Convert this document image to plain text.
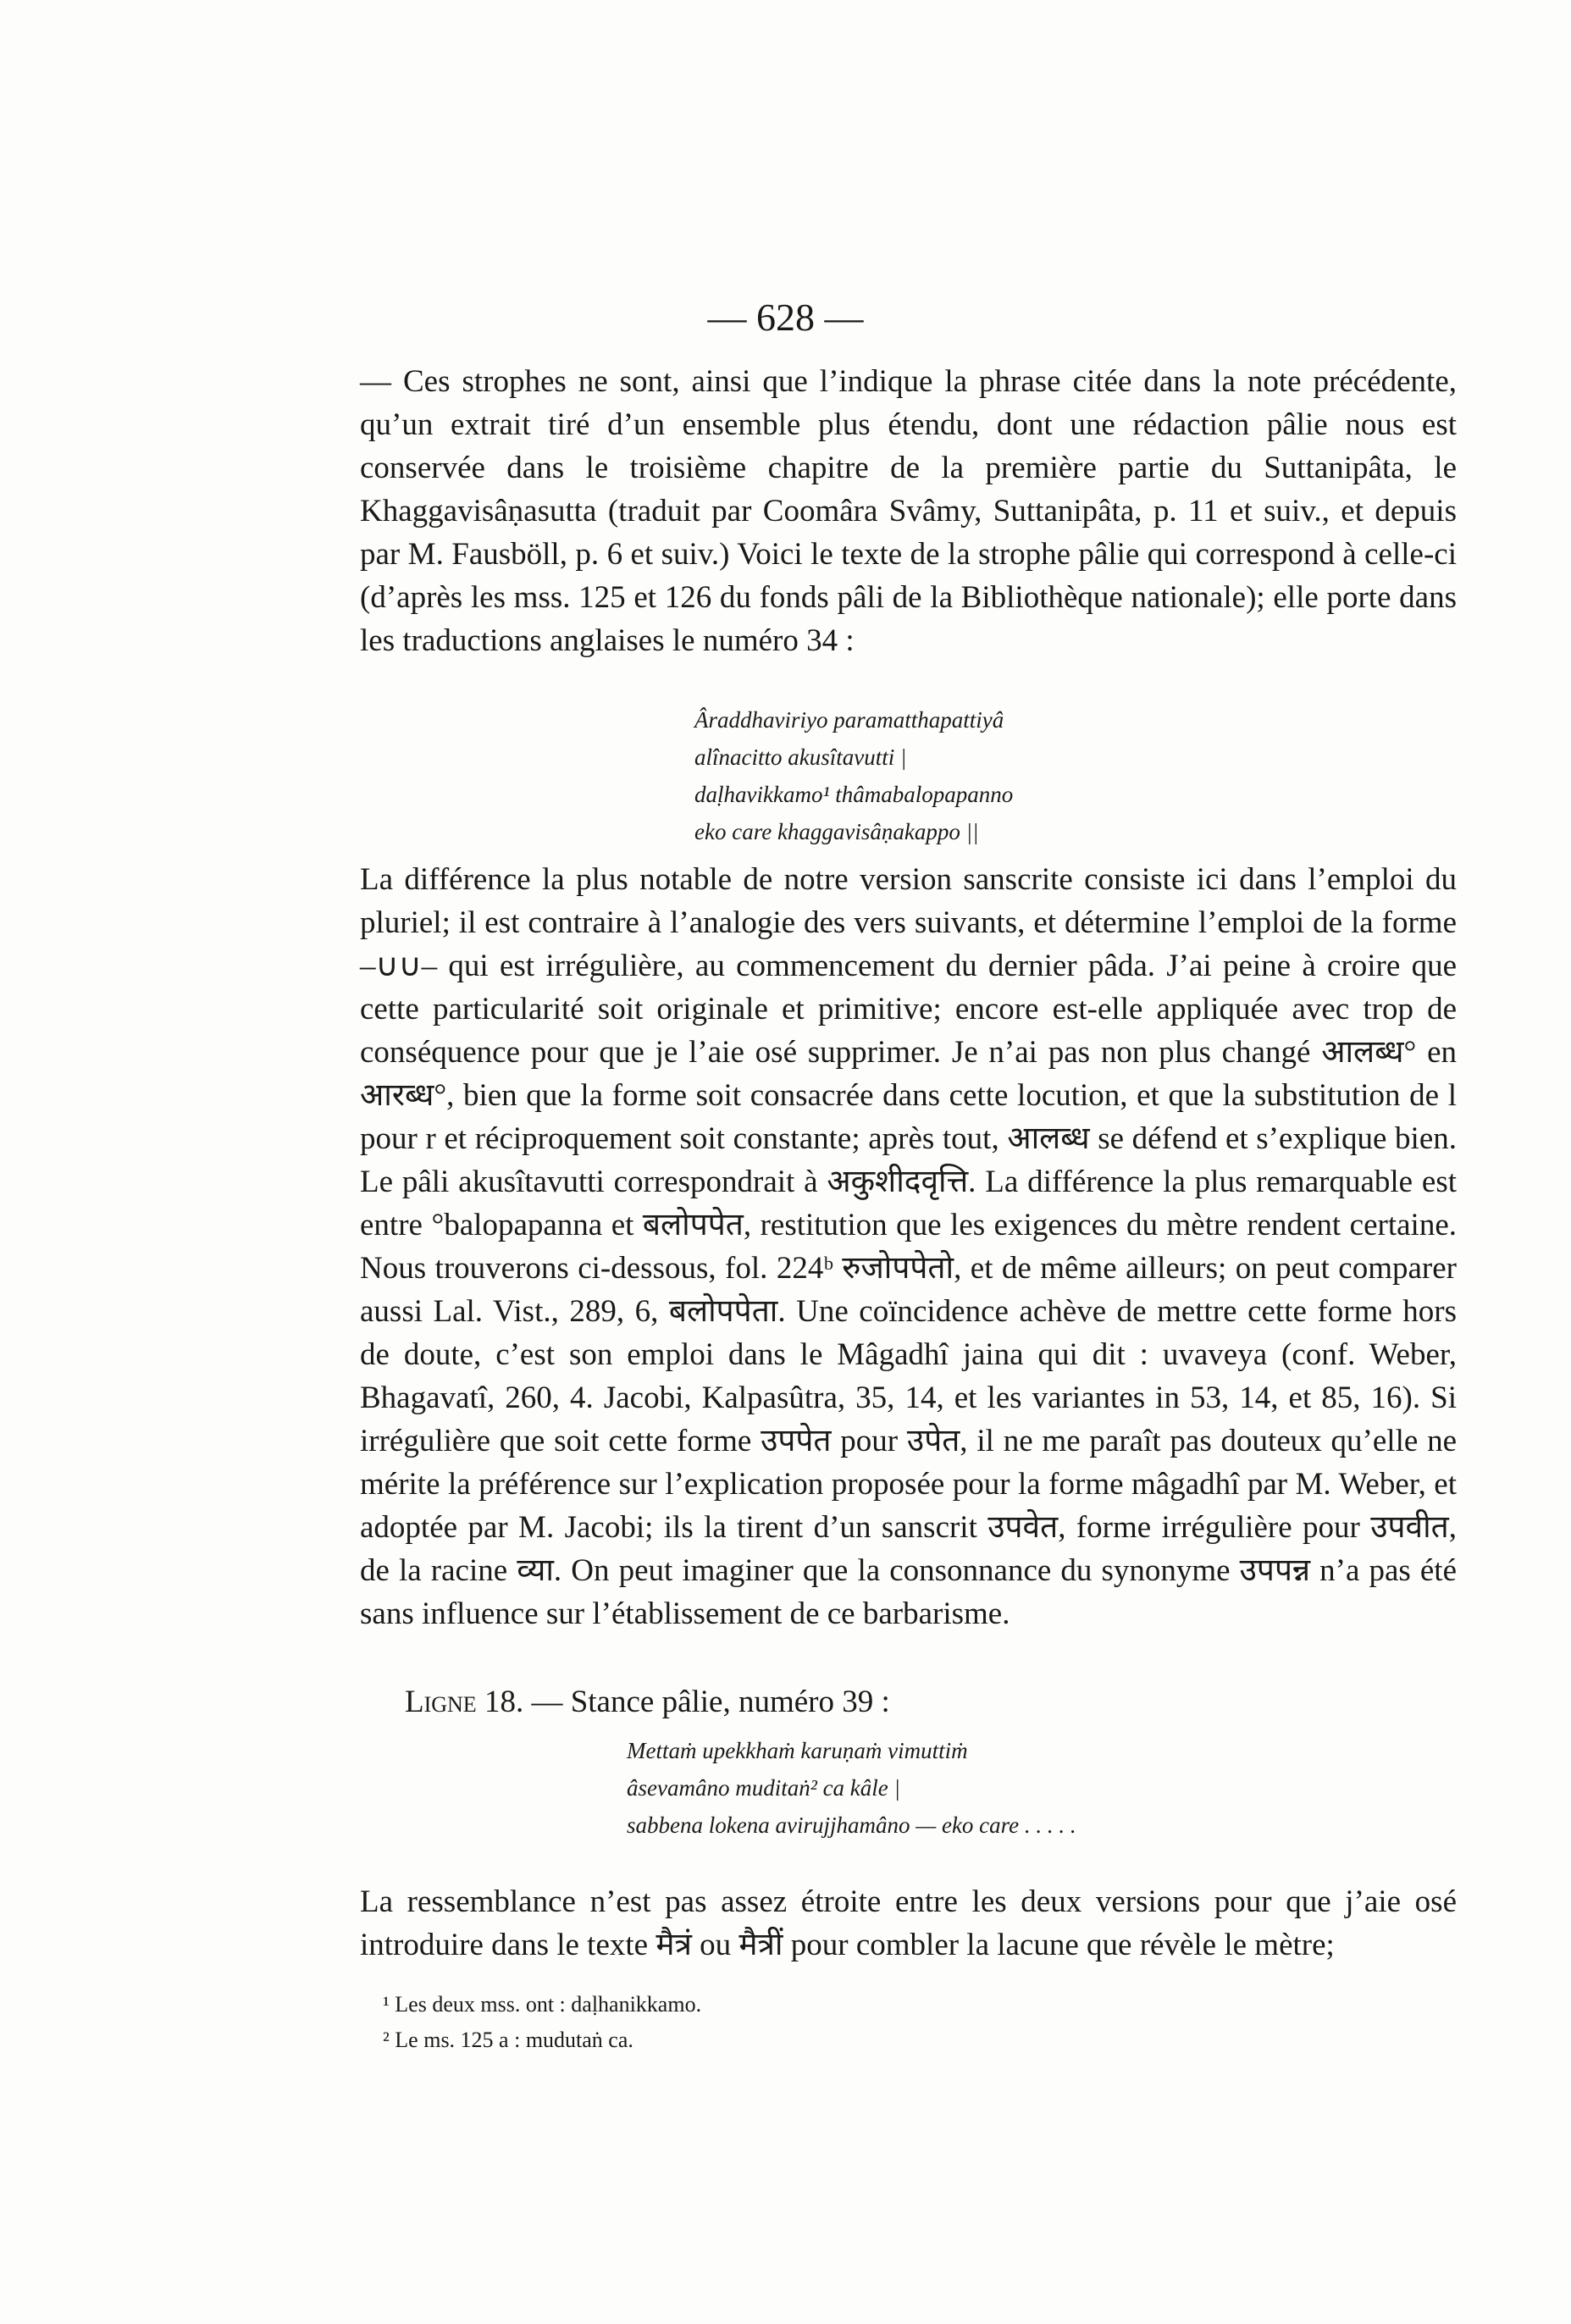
— 628 —

— Ces strophes ne sont, ainsi que l’indique la phrase citée dans la note précédente, qu’un extrait tiré d’un ensemble plus étendu, dont une rédaction pâlie nous est conservée dans le troisième chapitre de la première partie du Suttanipâta, le Khaggavisâṇasutta (traduit par Coomâra Svâmy, Suttanipâta, p. 11 et suiv., et depuis par M. Fausböll, p. 6 et suiv.) Voici le texte de la strophe pâlie qui correspond à celle-ci (d’après les mss. 125 et 126 du fonds pâli de la Bibliothèque nationale); elle porte dans les traductions anglaises le numéro 34 :

Âraddhaviriyo paramatthapattiyâ
alînacitto akusîtavutti |
daḷhavikkamo¹ thâmabalopapanno
eko care khaggavisâṇakappo ||

La différence la plus notable de notre version sanscrite consiste ici dans l’emploi du pluriel; il est contraire à l’analogie des vers suivants, et détermine l’emploi de la forme –∪∪– qui est irrégulière, au commencement du dernier pâda. J’ai peine à croire que cette particularité soit originale et primitive; encore est-elle appliquée avec trop de conséquence pour que je l’aie osé supprimer. Je n’ai pas non plus changé आलब्ध° en आरब्ध°, bien que la forme soit consacrée dans cette locution, et que la substitution de l pour r et réciproquement soit constante; après tout, आलब्ध se défend et s’explique bien. Le pâli akusîtavutti correspondrait à अकुशीदवृत्ति. La différence la plus remarquable est entre °balopapanna et बलोपपेत, restitution que les exigences du mètre rendent certaine. Nous trouverons ci-dessous, fol. 224ᵇ रुजोपपेतो, et de même ailleurs; on peut comparer aussi Lal. Vist., 289, 6, बलोपपेता. Une coïncidence achève de mettre cette forme hors de doute, c’est son emploi dans le Mâgadhî jaina qui dit : uvaveya (conf. Weber, Bhagavatî, 260, 4. Jacobi, Kalpasûtra, 35, 14, et les variantes in 53, 14, et 85, 16). Si irrégulière que soit cette forme उपपेत pour उपेत, il ne me paraît pas douteux qu’elle ne mérite la préférence sur l’explication proposée pour la forme mâgadhî par M. Weber, et adoptée par M. Jacobi; ils la tirent d’un sanscrit उपवेत, forme irrégulière pour उपवीत, de la racine व्या. On peut imaginer que la consonnance du synonyme उपपन्न n’a pas été sans influence sur l’établissement de ce barbarisme.

Ligne 18. — Stance pâlie, numéro 39 :
Mettaṁ upekkhaṁ karuṇaṁ vimuttiṁ
âsevamâno muditaṅ² ca kâle |
sabbena lokena avirujjhamâno — eko care . . . . .

La ressemblance n’est pas assez étroite entre les deux versions pour que j’aie osé introduire dans le texte मैत्रं ou मैत्रीं pour combler la lacune que révèle le mètre;

¹ Les deux mss. ont : daḷhanikkamo.
² Le ms. 125 a : mudutaṅ ca.
